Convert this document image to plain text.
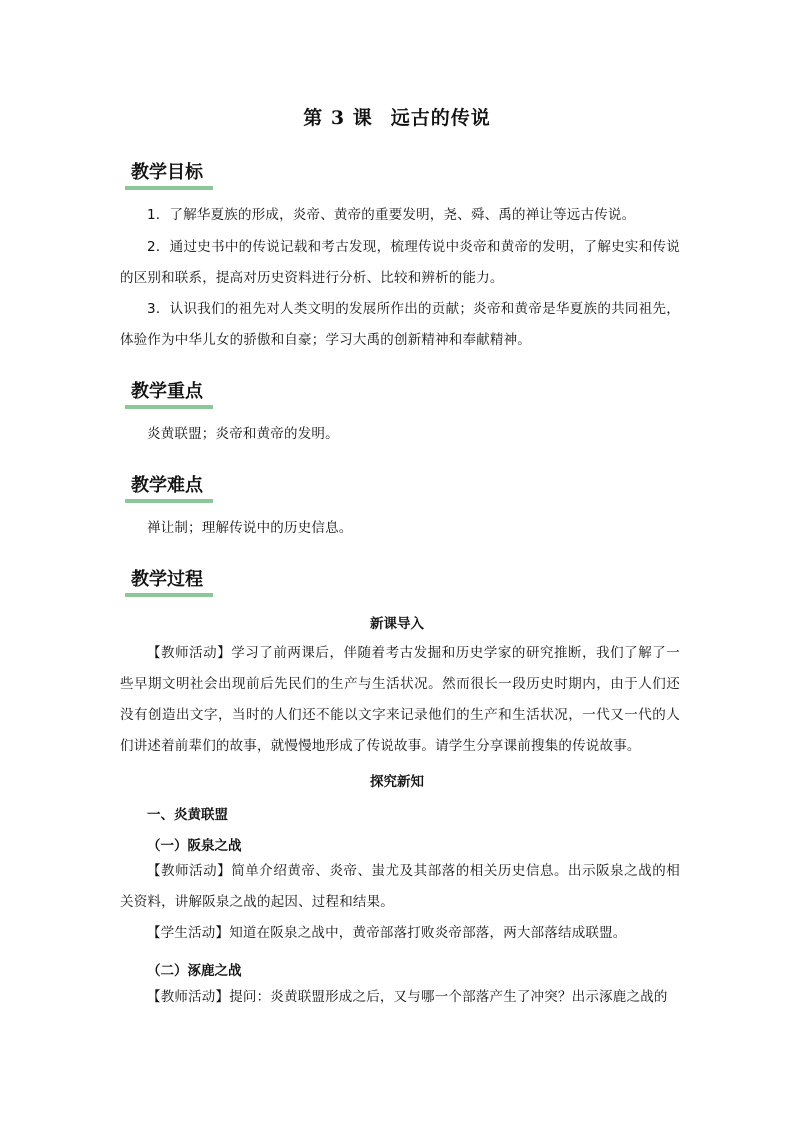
第 3 课 远古的传说
教学目标
1．了解华夏族的形成，炎帝、黄帝的重要发明，尧、舜、禹的禅让等远古传说。
2．通过史书中的传说记载和考古发现，梳理传说中炎帝和黄帝的发明，了解史实和传说的区别和联系，提高对历史资料进行分析、比较和辨析的能力。
3．认识我们的祖先对人类文明的发展所作出的贡献；炎帝和黄帝是华夏族的共同祖先，体验作为中华儿女的骄傲和自豪；学习大禹的创新精神和奉献精神。
教学重点
炎黄联盟；炎帝和黄帝的发明。
教学难点
禅让制；理解传说中的历史信息。
教学过程
新课导入
【教师活动】学习了前两课后，伴随着考古发掘和历史学家的研究推断，我们了解了一些早期文明社会出现前后先民们的生产与生活状况。然而很长一段历史时期内，由于人们还没有创造出文字，当时的人们还不能以文字来记录他们的生产和生活状况，一代又一代的人们讲述着前辈们的故事，就慢慢地形成了传说故事。请学生分享课前搜集的传说故事。
探究新知
一、炎黄联盟
（一）阪泉之战
【教师活动】简单介绍黄帝、炎帝、蚩尤及其部落的相关历史信息。出示阪泉之战的相关资料，讲解阪泉之战的起因、过程和结果。
【学生活动】知道在阪泉之战中，黄帝部落打败炎帝部落，两大部落结成联盟。
（二）涿鹿之战
【教师活动】提问：炎黄联盟形成之后，又与哪一个部落产生了冲突？出示涿鹿之战的
